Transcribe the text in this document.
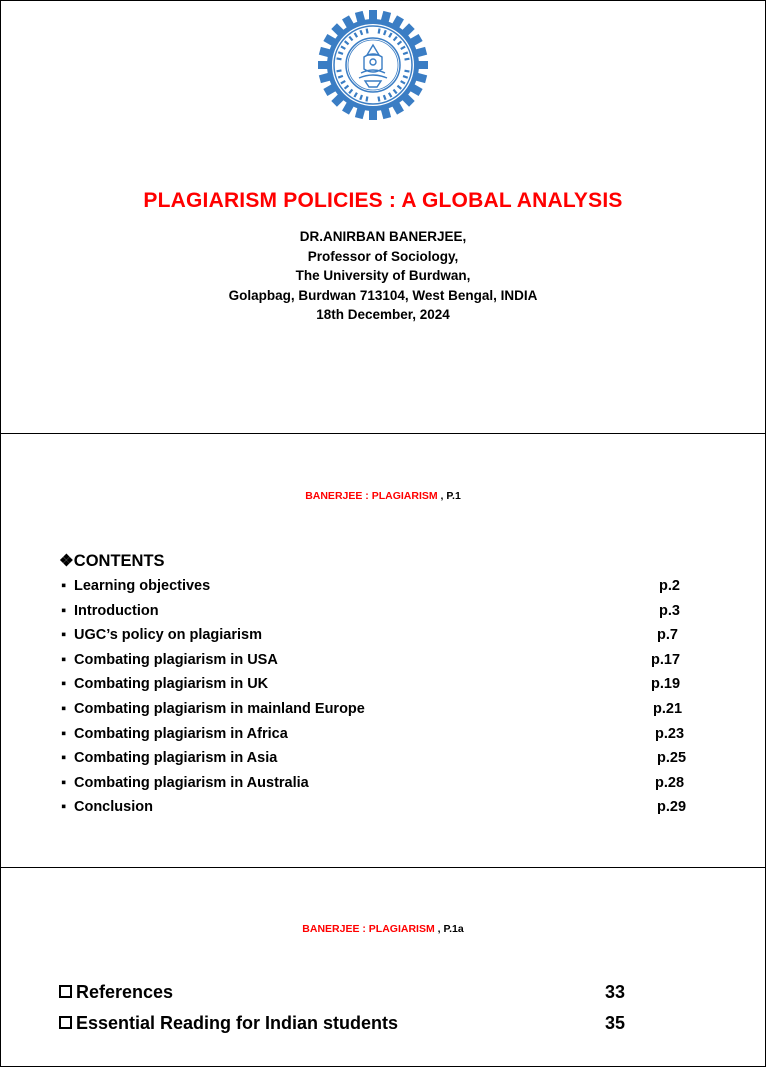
PLAGIARISM POLICIES : A GLOBAL ANALYSIS
DR.ANIRBAN BANERJEE,
Professor of Sociology,
The University of Burdwan,
Golapbag, Burdwan 713104, West Bengal, INDIA
18th December, 2024
BANERJEE : PLAGIARISM , P.1
❖CONTENTS
▪ Learning objectives	p.2
▪ Introduction	p.3
▪ UGC’s policy on plagiarism	p.7
▪ Combating plagiarism in USA	p.17
▪ Combating plagiarism in UK	p.19
▪ Combating plagiarism in mainland Europe	p.21
▪ Combating plagiarism in Africa	p.23
▪ Combating plagiarism in Asia	p.25
▪ Combating plagiarism in Australia	p.28
▪ Conclusion	p.29
BANERJEE : PLAGIARISM , P.1a
References	33
Essential Reading for Indian students	35
